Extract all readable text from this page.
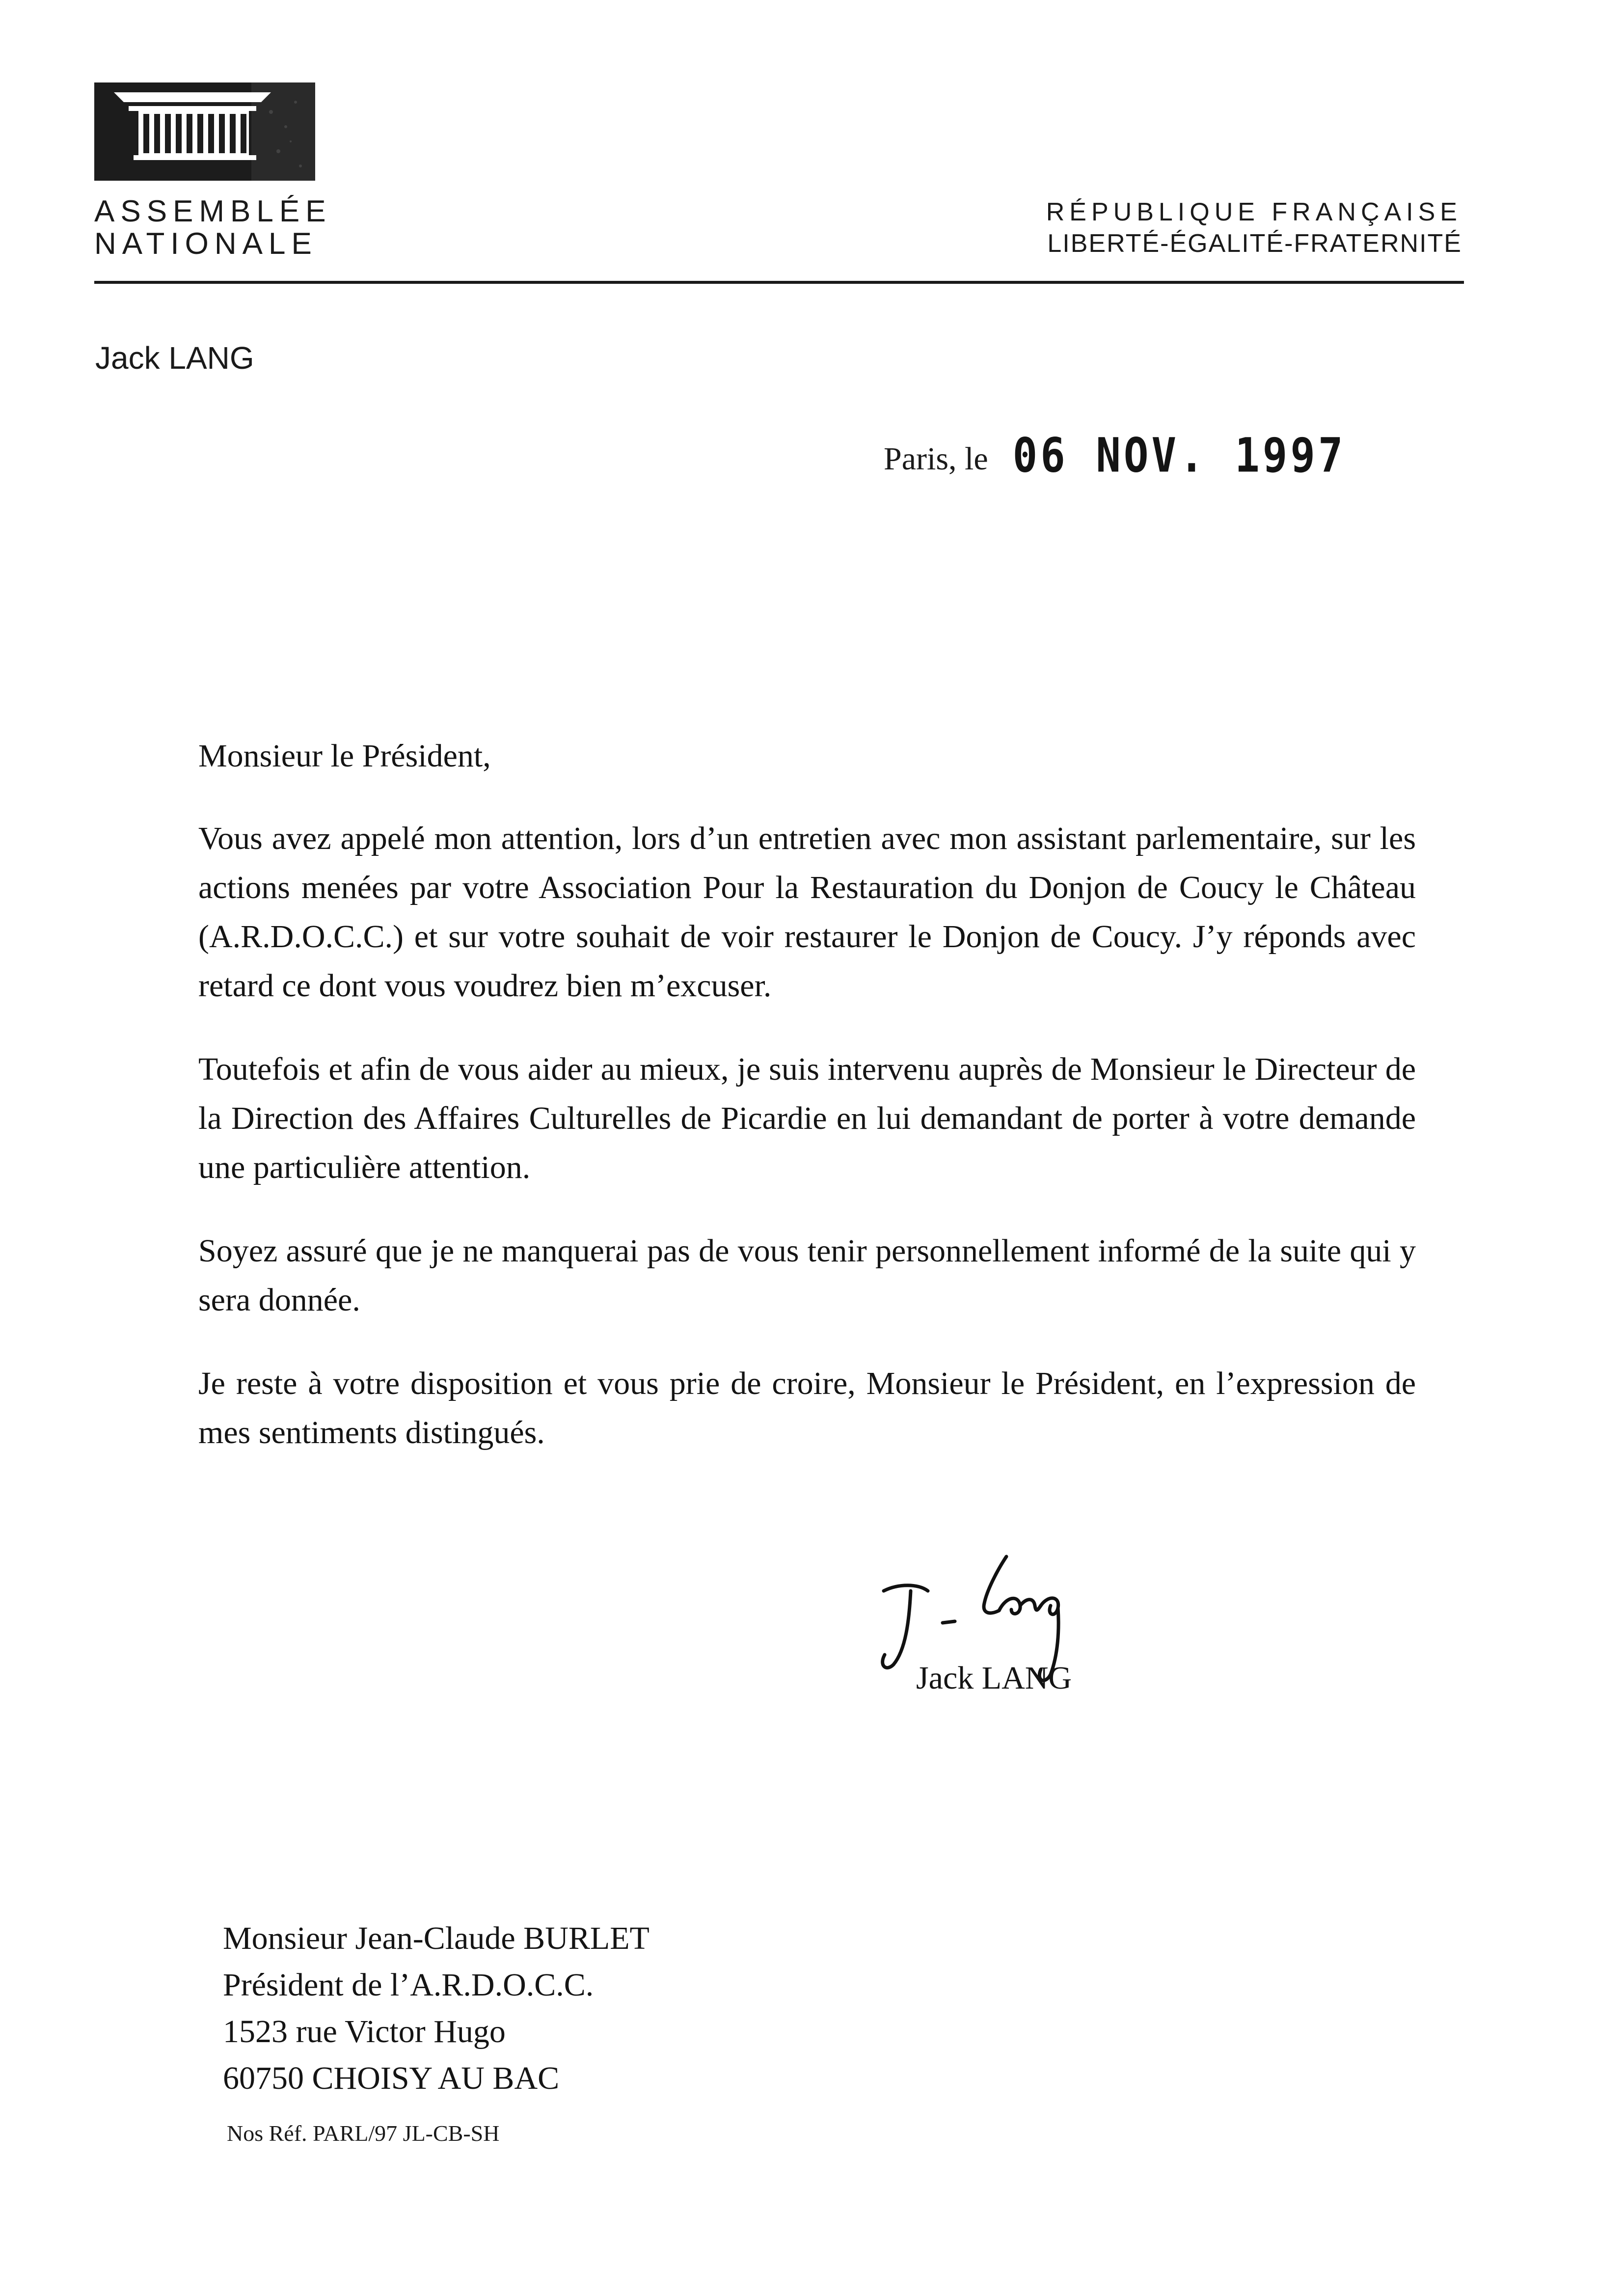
ASSEMBLÉE
NATIONALE
RÉPUBLIQUE FRANÇAISE
LIBERTÉ-ÉGALITÉ-FRATERNITÉ
Jack LANG
Paris, le 06 NOV. 1997

Monsieur le Président,

Vous avez appelé mon attention, lors d’un entretien avec mon assistant parlementaire, sur les actions menées par votre Association Pour la Restauration du Donjon de Coucy le Château (A.R.D.O.C.C.) et sur votre souhait de voir restaurer le Donjon de Coucy. J’y réponds avec retard ce dont vous voudrez bien m’excuser.

Toutefois et afin de vous aider au mieux, je suis intervenu auprès de Monsieur le Directeur de la Direction des Affaires Culturelles de Picardie en lui demandant de porter à votre demande une particulière attention.

Soyez assuré que je ne manquerai pas de vous tenir personnellement informé de la suite qui y sera donnée.

Je reste à votre disposition et vous prie de croire, Monsieur le Président, en l’expression de mes sentiments distingués.

Jack LANG
Monsieur Jean-Claude BURLET
Président de l’A.R.D.O.C.C.
1523 rue Victor Hugo
60750 CHOISY AU BAC
Nos Réf. PARL/97 JL-CB-SH
